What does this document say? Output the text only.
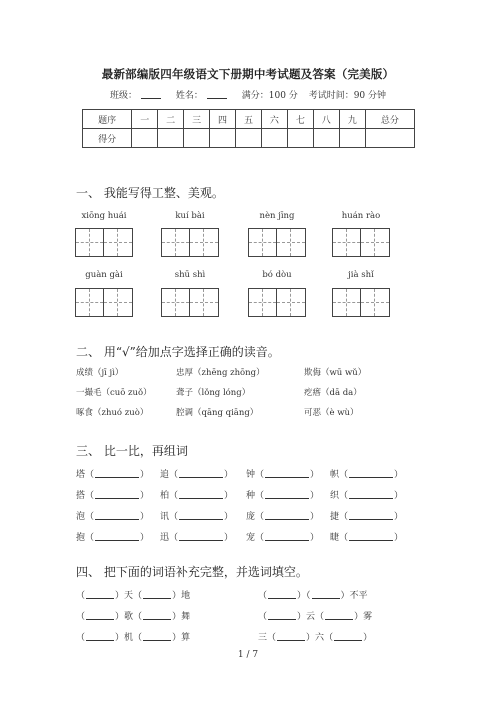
最新部编版四年级语文下册期中考试题及答案（完美版）
班级：	姓名：	满分：100 分 考试时间：90 分钟
题序	一	二	三	四	五	六	七	八	九	总分
得分										
一、 我能写得工整、美观。
xiōng huái	kuí bài	nèn jīng	huán rào
guàn gài	shū shì	bó dòu	jià shǐ
二、 用“√”给加点字选择正确的读音。
成绩（jī jì）	忠厚（zhēng zhōng）	欺侮（wū wǔ）
一撮毛（cuō zuǒ）	聋子（lǒng lóng）	疙瘩（dā da）
啄食（zhuó zuò）	腔调（qāng qiāng）	可恶（è wù）
三、 比一比，再组词
塔（	） 追（	） 钟（	） 帜（	）
搭（	） 柏（	） 种（	） 织（	）
泡（	） 讯（	） 庞（	） 捷（	）
抱（	） 迅（	） 宠（	） 睫（	）
四、 把下面的词语补充完整，并选词填空。
（	）天（	）地	（	）（	）不平
（	）歌（	）舞	（	）云（	）雾
（	）机（	）算	三（	）六（	）
1 / 7
